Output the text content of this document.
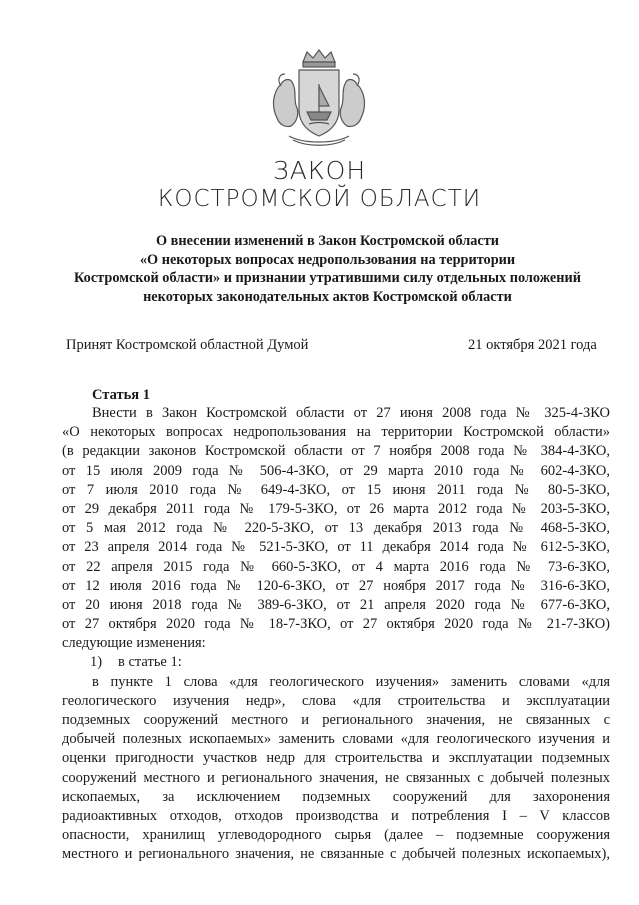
ЗАКОН
КОСТРОМСКОЙ ОБЛАСТИ
О внесении изменений в Закон Костромской области
«О некоторых вопросах недропользования на территории
Костромской области» и признании утратившими силу отдельных положений
некоторых законодательных актов Костромской области
Принят Костромской областной Думой	21 октября 2021 года
Статья 1
Внести в Закон Костромской области от 27 июня 2008 года № 325-4-ЗКО
«О некоторых вопросах недропользования на территории Костромской области»
(в редакции законов Костромской области от 7 ноября 2008 года № 384-4-ЗКО,
от 15 июля 2009 года № 506-4-ЗКО, от 29 марта 2010 года № 602-4-ЗКО,
от 7 июля 2010 года № 649-4-ЗКО, от 15 июня 2011 года № 80-5-ЗКО,
от 29 декабря 2011 года № 179-5-ЗКО, от 26 марта 2012 года № 203-5-ЗКО,
от 5 мая 2012 года № 220-5-ЗКО, от 13 декабря 2013 года № 468-5-ЗКО,
от 23 апреля 2014 года № 521-5-ЗКО, от 11 декабря 2014 года № 612-5-ЗКО,
от 22 апреля 2015 года № 660-5-ЗКО, от 4 марта 2016 года № 73-6-ЗКО,
от 12 июля 2016 года № 120-6-ЗКО, от 27 ноября 2017 года № 316-6-ЗКО,
от 20 июня 2018 года № 389-6-ЗКО, от 21 апреля 2020 года № 677-6-ЗКО,
от 27 октября 2020 года № 18-7-ЗКО, от 27 октября 2020 года № 21-7-ЗКО)
следующие изменения:
1) в статье 1:
в пункте 1 слова «для геологического изучения» заменить словами «для
геологического изучения недр», слова «для строительства и эксплуатации
подземных сооружений местного и регионального значения, не связанных с
добычей полезных ископаемых» заменить словами «для геологического изучения и
оценки пригодности участков недр для строительства и эксплуатации подземных
сооружений местного и регионального значения, не связанных с добычей полезных
ископаемых, за исключением подземных сооружений для захоронения
радиоактивных отходов, отходов производства и потребления I – V классов
опасности, хранилищ углеводородного сырья (далее – подземные сооружения
местного и регионального значения, не связанные с добычей полезных ископаемых),
